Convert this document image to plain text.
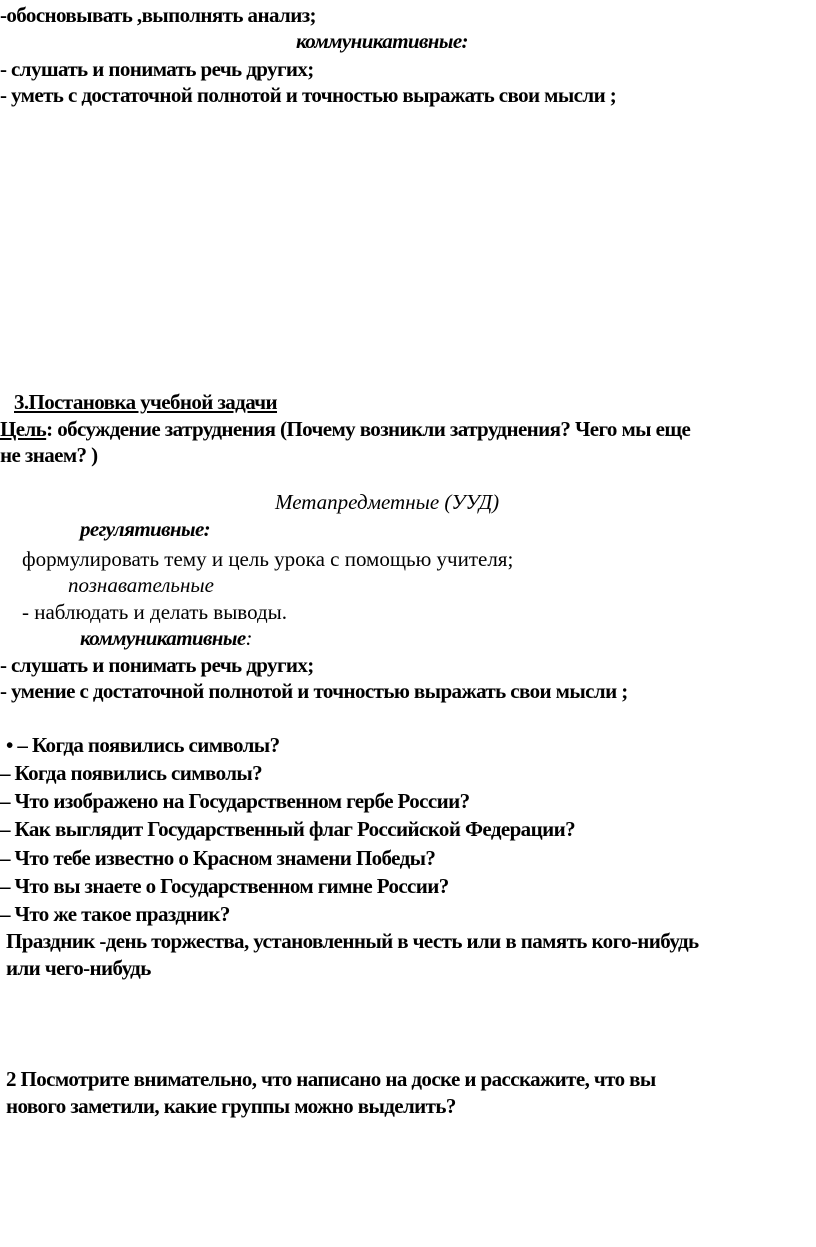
-обосновывать ,выполнять анализ;
коммуникативные:
- слушать и понимать речь других;
- уметь с достаточной полнотой и точностью выражать свои мысли ;
3.Постановка учебной задачи
Цель: обсуждение затруднения (Почему возникли затруднения? Чего мы еще
не знаем? )
Метапредметные (УУД)
регулятивные:
формулировать тему и цель урока с помощью учителя;
познавательные
- наблюдать и делать выводы.
коммуникативные:
- слушать и понимать речь других;
- умение с достаточной полнотой и точностью выражать свои мысли ;
• – Когда появились символы?
– Когда появились символы?
– Что изображено на Государственном гербе России?
– Как выглядит Государственный флаг Российской Федерации?
– Что тебе известно о Красном знамени Победы?
– Что вы знаете о Государственном гимне России?
– Что же такое праздник?
Праздник -день торжества, установленный в честь или в память кого-нибудь
или чего-нибудь
2 Посмотрите внимательно, что написано на доске и расскажите, что вы
нового заметили, какие группы можно выделить?
